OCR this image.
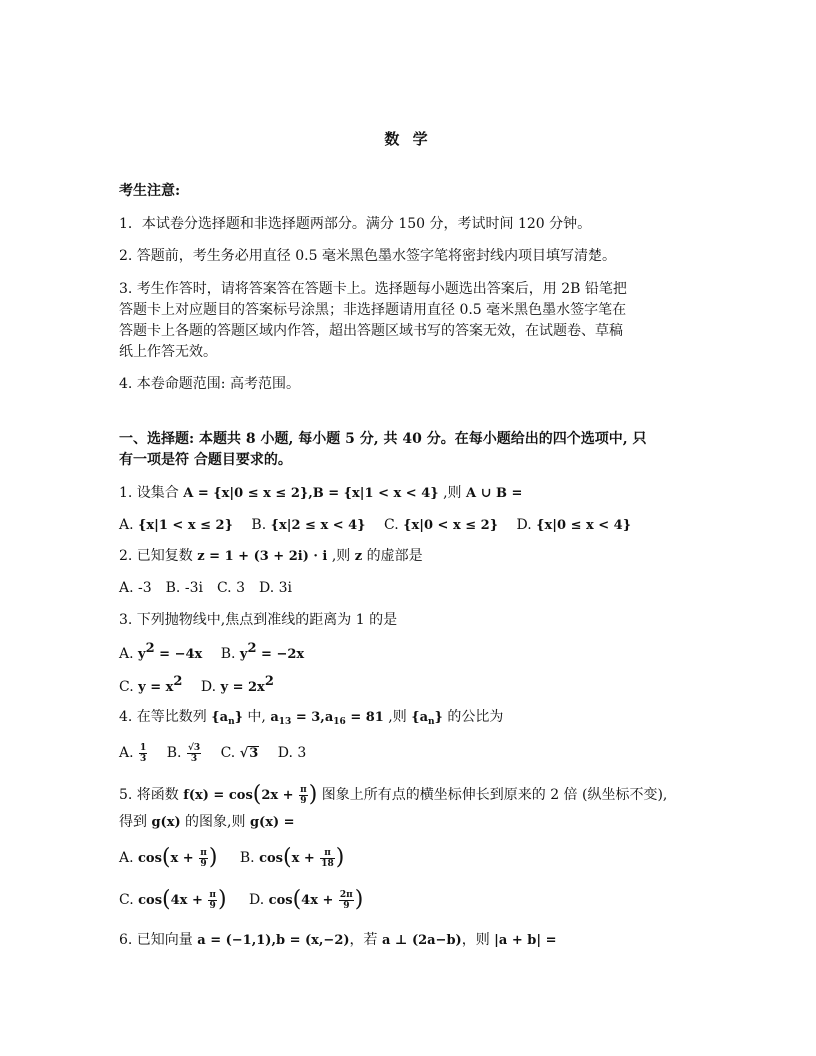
数 学
考生注意:
1．本试卷分选择题和非选择题两部分。满分 150 分，考试时间 120 分钟。
2. 答题前，考生务必用直径 0.5 毫米黑色墨水签字笔将密封线内项目填写清楚。
3. 考生作答时，请将答案答在答题卡上。选择题每小题选出答案后，用 2B 铅笔把
答题卡上对应题目的答案标号涂黑；非选择题请用直径 0.5 毫米黑色墨水签字笔在
答题卡上各题的答题区域内作答，超出答题区域书写的答案无效，在试题卷、草稿
纸上作答无效。
4. 本卷命题范围: 高考范围。
一、选择题: 本题共 8 小题, 每小题 5 分, 共 40 分。在每小题给出的四个选项中, 只
有一项是符 合题目要求的。
1. 设集合 A = {x|0 ≤ x ≤ 2},B = {x|1 < x < 4} ,则 A ∪ B =
A. {x|1 < x ≤ 2} B. {x|2 ≤ x < 4} C. {x|0 < x ≤ 2} D. {x|0 ≤ x < 4}
2. 已知复数 z = 1 + (3 + 2i) · i ,则 z 的虚部是
A. -3　B. -3i　C. 3　D. 3i
3. 下列抛物线中,焦点到准线的距离为 1 的是
A. $y^2 = -4x$ B. $y^2 = -2x$
C. $y = x^2$ D. $y = 2x^2$
4. 在等比数列 $\{a_n\}$ 中, $a_{13} = 3,a_{16} = 81$ ,则 $\{a_n\}$ 的公比为
A. $\frac{1}{3} B$. $\frac{√3}{3} C$. √3 D. 3
5. 将函数 $f(x) = \cos(2x + \frac{\pi}{9}$ ) 图象上所有点的横坐标伸长到原来的 2 倍 (纵坐标不变),
得到 g(x) 的图象,则 g(x) =
A. $\cos(x + \frac{\pi}{9}$ ) B. $\cos(x + \frac{\pi}{18}$ )
C. $\cos(4x + \frac{\pi}{9}$ ) D. $\cos(4x + \frac{2\pi}{9}$ )
6. 已知向量 a = (−1,1),b = (x,−2)，若 a ⊥ (2a−b)，则 |a + b| =
